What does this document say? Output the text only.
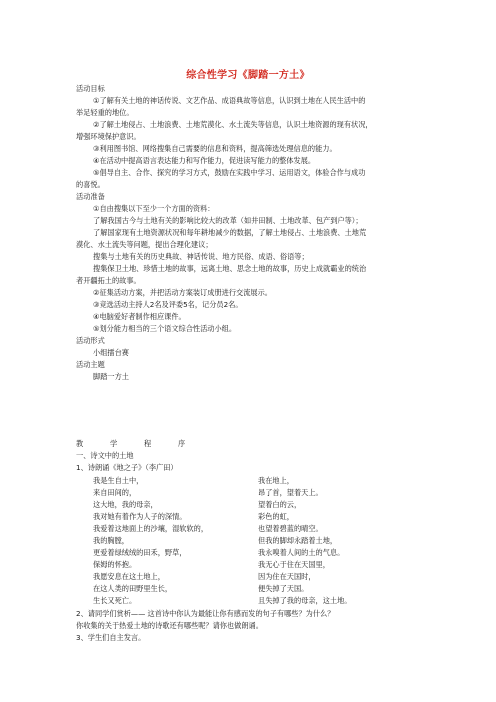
综合性学习《脚踏一方土》
活动目标
①了解有关土地的神话传说、文艺作品、成语典故等信息，认识到土地在人民生活中的
举足轻重的地位。
②了解土地侵占、土地浪费、土地荒漠化、水土流失等信息，认识土地资源的现有状况，
增强环境保护意识。
③利用图书馆、网络搜集自己需要的信息和资料，提高筛选处理信息的能力。
④在活动中提高语言表达能力和写作能力，促进读写能力的整体发展。
⑤倡导自主、合作、探究的学习方式，鼓励在实践中学习、运用语文，体验合作与成功
的喜悦。
活动准备
①自由搜集以下至少一个方面的资料：
了解我国古今与土地有关的影响比较大的改革（如井田制、土地改革、包产到户等）；
了解国家现有土地资源状况和每年耕地减少的数据，了解土地侵占、土地浪费、土地荒
漠化、水土流失等问题，提出合理化建议；
搜集与土地有关的历史典故、神话传说、地方民俗、成语、俗语等；
搜集保卫土地、珍惜土地的故事，远离土地、思念土地的故事，历史上成就霸业的统治
者开疆拓土的故事。
②征集活动方案，并把活动方案装订成册进行交流展示。
③竞选活动主持人2名及评委5名，记分员2名。
④电脑爱好者制作相应课件。
⑤划分能力相当的三个语文综合性活动小组。
活动形式
小组擂台赛
活动主题
脚踏一方土
教	学	程	序
一、诗文中的土地
1、诗朗诵《地之子》（李广田）
我是生自土中，
来自田间的，
这大地，我的母亲，
我对她有着作为人子的深情。
我爱着这地面上的沙壤，湿软软的，
我的胸膛，
更爱着绿绒绒的田禾，野草，
保姆的怀抱。
我愿安息在这土地上，
在这人类的田野里生长，
生长又死亡。
我在地上，
昂了首，望着天上。
望着白的云，
彩色的虹，
也望着碧蓝的晴空。
但我的脚却永踏着土地，
我永嗅着人间的土的气息。
我无心于住在天国里，
因为住在天国时，
便失掉了天国。
且失掉了我的母亲，这土地。
2、请同学们赏析—— 这首诗中你认为最能让你有感而发的句子有哪些？为什么？
你收集的关于热爱土地的诗歌还有哪些呢？请你也做朗诵。
3、学生们自主发言。
